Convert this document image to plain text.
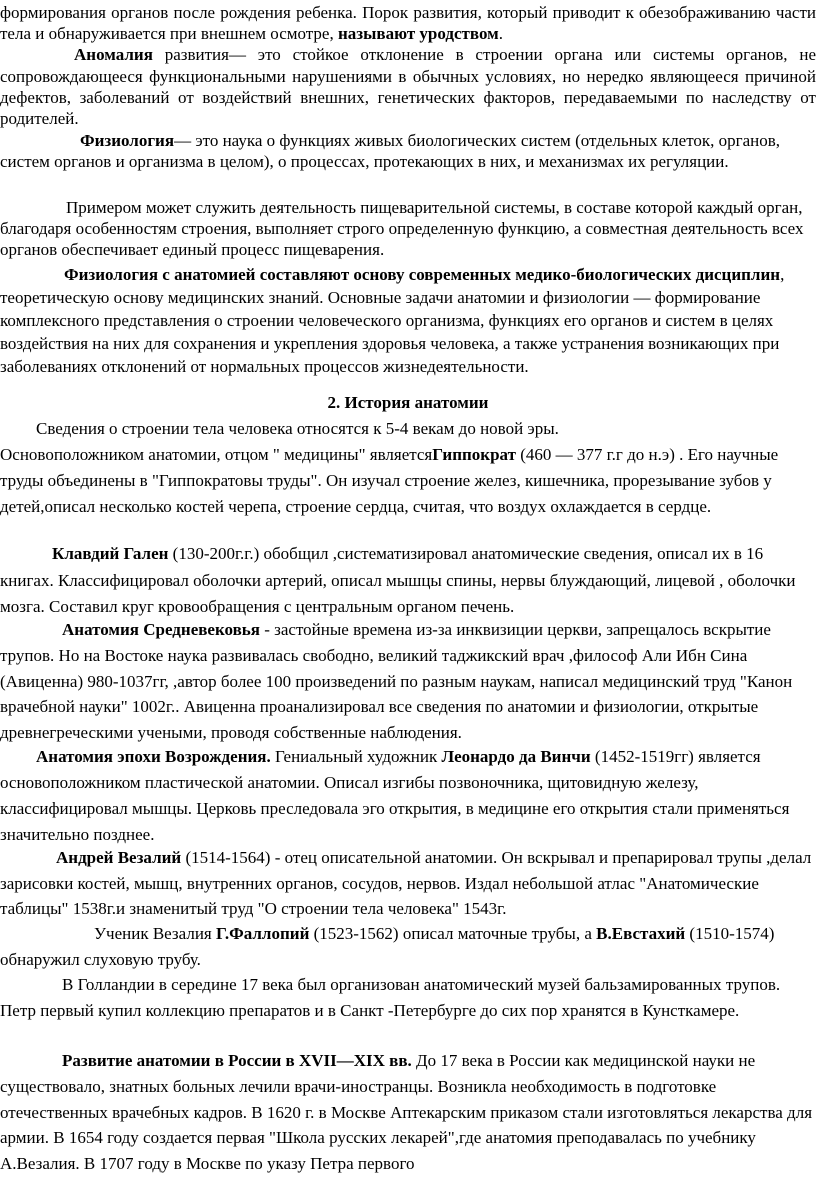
формирования органов после рождения ребенка. Порок развития, который приводит к обезображиванию части тела и обнаруживается при внешнем осмотре, называют уродством.
Аномалия развития— это стойкое отклонение в строении органа или системы органов, не сопровождающееся функциональными нарушениями в обычных условиях, но нередко являющееся причиной дефектов, заболеваний от воздействий внешних, генетических факторов, передаваемыми по наследству от родителей.

Физиология— это наука о функциях живых биологических систем (отдельных клеток, органов, систем органов и организма в целом), о процессах, протекающих в них, и механизмах их регуляции.

Примером может служить деятельность пищеварительной системы, в составе которой каждый орган, благодаря особенностям строения, выполняет строго определенную функцию, а совместная деятельность всех органов обеспечивает единый процесс пищеварения.

Физиология с анатомией составляют основу современных медико-биологических дисциплин, теоретическую основу медицинских знаний. Основные задачи анатомии и физиологии — формирование комплексного представления о строении человеческого организма, функциях его органов и систем в целях воздействия на них для сохранения и укрепления здоровья человека, а также устранения возникающих при заболеваниях отклонений от нормальных процессов жизнедеятельности.

2. История анатомии

Сведения о строении тела человека относятся к 5-4 векам до новой эры.
Основоположником анатомии, отцом " медицины" являетсяГиппократ (460 — 377 г.г до н.э) . Его научные труды объединены в "Гиппократовы труды". Он изучал строение желез, кишечника, прорезывание зубов у детей,описал несколько костей черепа, строение сердца, считая, что воздух охлаждается в сердце.

Клавдий Гален (130-200г.г.) обобщил ,систематизировал анатомические сведения, описал их в 16 книгах. Классифицировал оболочки артерий, описал мышцы спины, нервы блуждающий, лицевой , оболочки мозга. Составил круг кровообращения с центральным органом печень.

Анатомия Средневековья - застойные времена из-за инквизиции церкви, запрещалось вскрытие трупов. Но на Востоке наука развивалась свободно, великий таджикский врач ,философ Али Ибн Сина (Авиценна) 980-1037гг, ,автор более 100 произведений по разным наукам, написал медицинский труд "Канон врачебной науки" 1002г.. Авиценна проанализировал все сведения по анатомии и физиологии, открытые древнегреческими учеными, проводя собственные наблюдения.

Анатомия эпохи Возрождения. Гениальный художник Леонардо да Винчи (1452-1519гг) является основоположником пластической анатомии. Описал изгибы позвоночника, щитовидную железу, классифицировал мышцы. Церковь преследовала эго открытия, в медицине его открытия стали применяться значительно позднее.

Андрей Везалий (1514-1564) - отец описательной анатомии. Он вскрывал и препарировал трупы ,делал зарисовки костей, мышц, внутренних органов, сосудов, нервов. Издал небольшой атлас "Анатомические таблицы" 1538г.и знаменитый труд "О строении тела человека" 1543г.

Ученик Везалия Г.Фаллопий (1523-1562) описал маточные трубы, а В.Евстахий (1510-1574) обнаружил слуховую трубу.

В Голландии в середине 17 века был организован анатомический музей бальзамированных трупов. Петр первый купил коллекцию препаратов и в Санкт -Петербурге до сих пор хранятся в Кунсткамере.

Развитие анатомии в России в XVII—XIX вв. До 17 века в России как медицинской науки не существовало, знатных больных лечили врачи-иностранцы. Возникла необходимость в подготовке отечественных врачебных кадров. В 1620 г. в Москве Аптекарским приказом стали изготовляться лекарства для армии. В 1654 году создается первая "Школа русских лекарей",где анатомия преподавалась по учебнику А.Везалия. В 1707 году в Москве по указу Петра первого
